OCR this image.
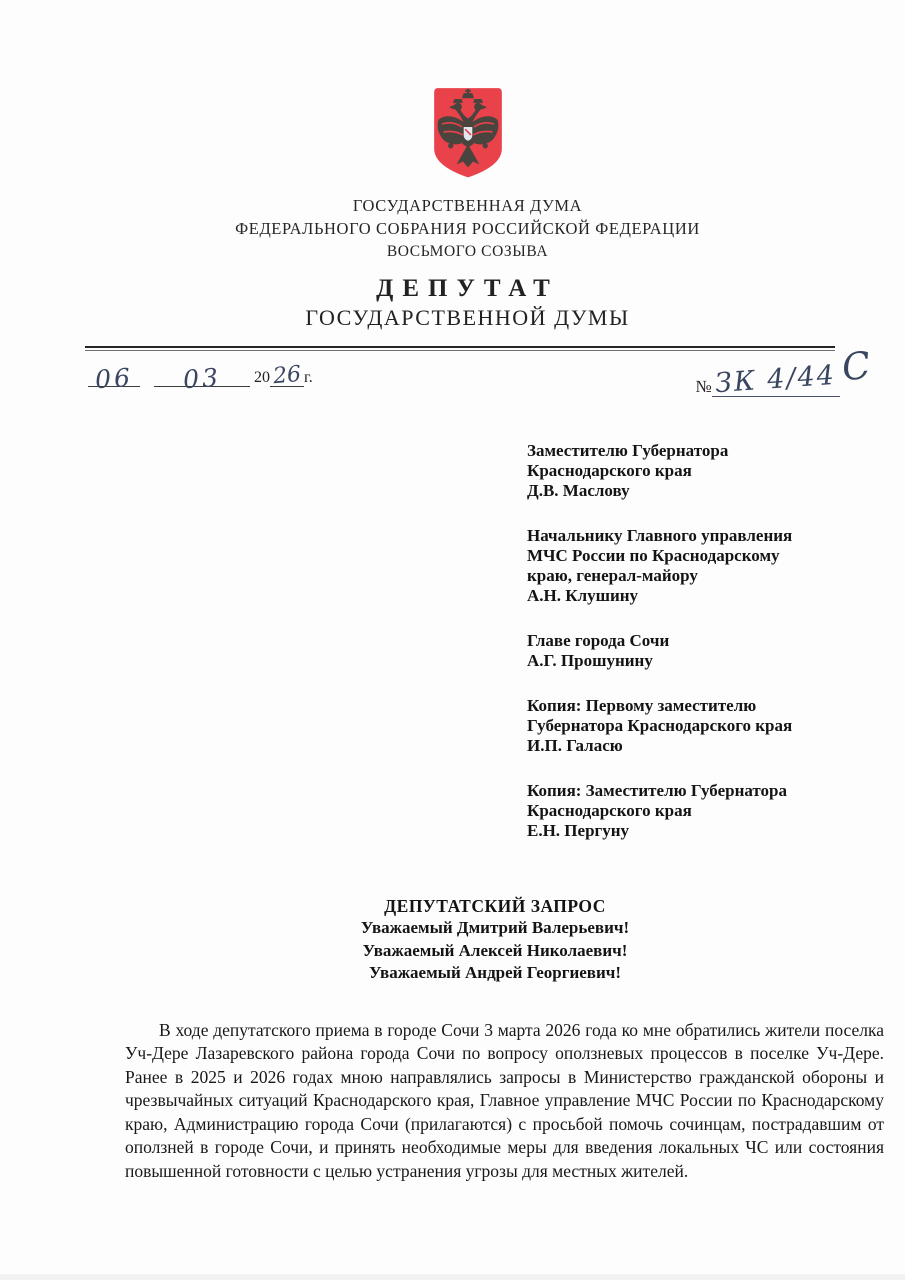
ГОСУДАРСТВЕННАЯ ДУМА
ФЕДЕРАЛЬНОГО СОБРАНИЯ РОССИЙСКОЙ ФЕДЕРАЦИИ
ВОСЬМОГО СОЗЫВА
ДЕПУТАТ
ГОСУДАРСТВЕННОЙ ДУМЫ
06 03 2026 г.	№ЗК 4/44С
Заместителю Губернатора
Краснодарского края
Д.В. Маслову
Начальнику Главного управления
МЧС России по Краснодарскому
краю, генерал-майору
А.Н. Клушину
Главе города Сочи
А.Г. Прошунину
Копия: Первому заместителю
Губернатора Краснодарского края
И.П. Галасю
Копия: Заместителю Губернатора
Краснодарского края
Е.Н. Пергуну
ДЕПУТАТСКИЙ ЗАПРОС
Уважаемый Дмитрий Валерьевич!
Уважаемый Алексей Николаевич!
Уважаемый Андрей Георгиевич!

В ходе депутатского приема в городе Сочи 3 марта 2026 года ко мне обратились жители поселка Уч-Дере Лазаревского района города Сочи по вопросу оползневых процессов в поселке Уч-Дере. Ранее в 2025 и 2026 годах мною направлялись запросы в Министерство гражданской обороны и чрезвычайных ситуаций Краснодарского края, Главное управление МЧС России по Краснодарскому краю, Администрацию города Сочи (прилагаются) с просьбой помочь сочинцам, пострадавшим от оползней в городе Сочи, и принять необходимые меры для введения локальных ЧС или состояния повышенной готовности с целью устранения угрозы для местных жителей.
